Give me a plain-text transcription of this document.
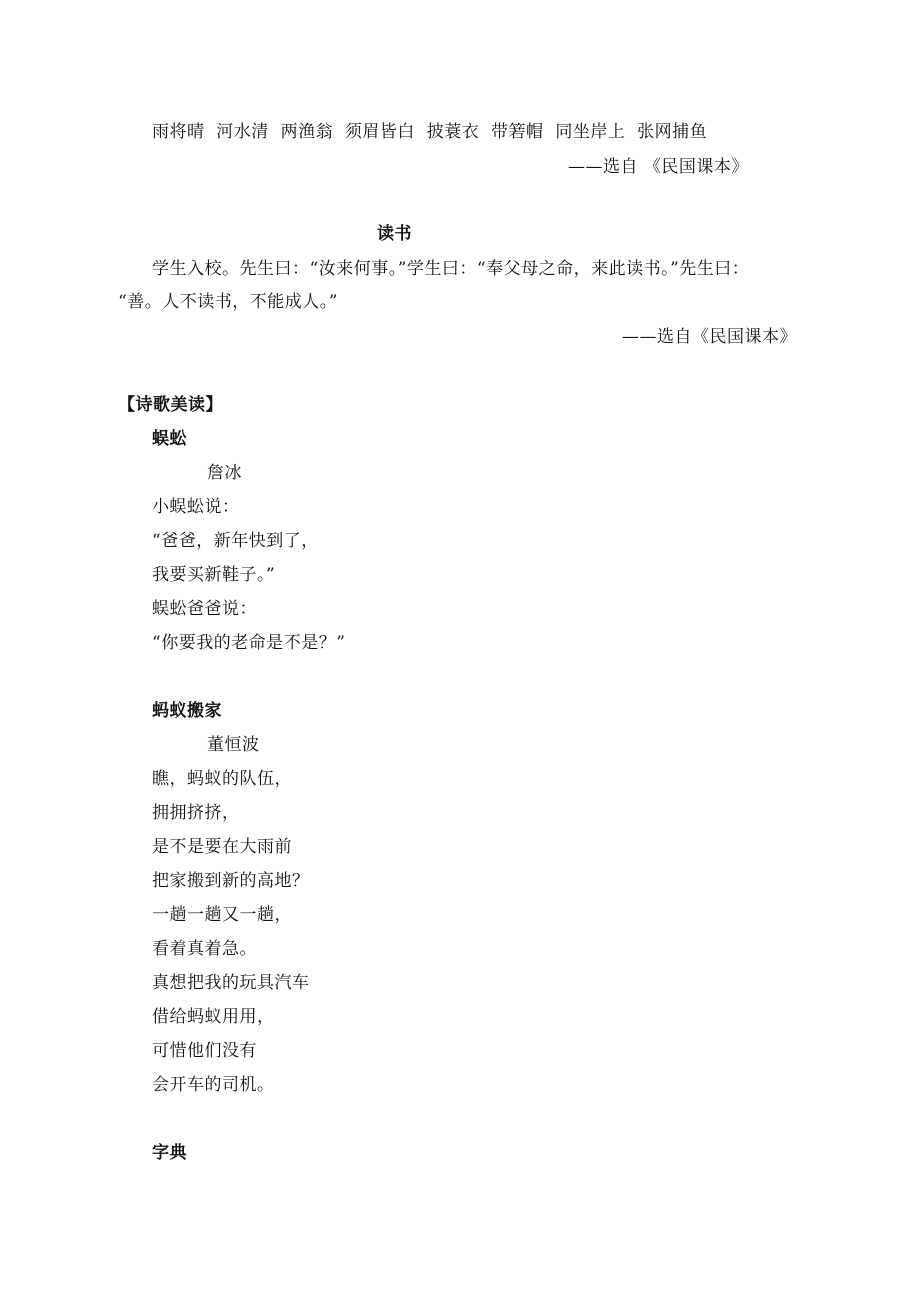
雨将晴  河水清  两渔翁  须眉皆白  披蓑衣  带箬帽  同坐岸上  张网捕鱼
——选自 《民国课本》
读书
学生入校。先生曰：“汝来何事。”学生曰：“奉父母之命，来此读书。”先生曰：
“善。人不读书，不能成人。”
——选自《民国课本》
【诗歌美读】
蜈蚣
詹冰
小蜈蚣说：
“爸爸，新年快到了，
我要买新鞋子。”
蜈蚣爸爸说：
“你要我的老命是不是？”
蚂蚁搬家
董恒波
瞧，蚂蚁的队伍，
拥拥挤挤，
是不是要在大雨前
把家搬到新的高地？
一趟一趟又一趟，
看着真着急。
真想把我的玩具汽车
借给蚂蚁用用，
可惜他们没有
会开车的司机。
字典
